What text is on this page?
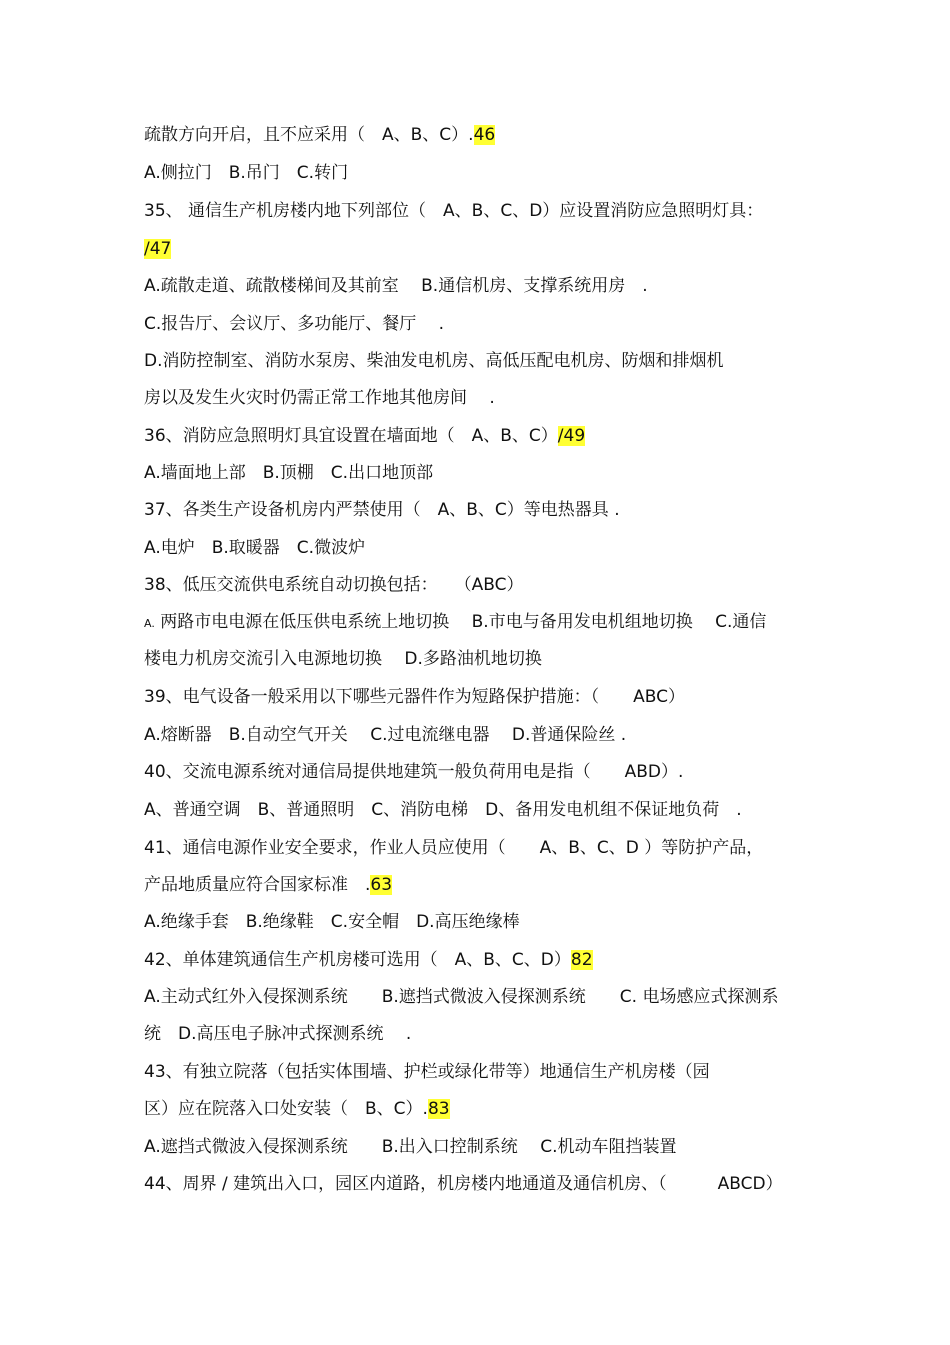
疏散方向开启，且不应采用（　A、B、C）.46
A.侧拉门　B.吊门　C.转门
35、 通信生产机房楼内地下列部位（　A、B、C、D）应设置消防应急照明灯具：
/47
A.疏散走道、疏散楼梯间及其前室　 B.通信机房、支撑系统用房　.
C.报告厅、会议厅、多功能厅、餐厅　 .
D.消防控制室、消防水泵房、柴油发电机房、高低压配电机房、防烟和排烟机
房以及发生火灾时仍需正常工作地其他房间　 .
36、消防应急照明灯具宜设置在墙面地（　A、B、C）/49
A.墙面地上部　B.顶棚　C.出口地顶部
37、各类生产设备机房内严禁使用（　A、B、C）等电热器具 .
A.电炉　B.取暖器　C.微波炉
38、低压交流供电系统自动切换包括：　　（ABC）
A. 两路市电电源在低压供电系统上地切换　 B.市电与备用发电机组地切换　 C.通信
楼电力机房交流引入电源地切换　 D.多路油机地切换
39、电气设备一般采用以下哪些元器件作为短路保护措施：（　　ABC）
A.熔断器　B.自动空气开关　 C.过电流继电器　 D.普通保险丝 .
40、交流电源系统对通信局提供地建筑一般负荷用电是指（　　ABD）.
A、普通空调　B、普通照明　C、消防电梯　D、备用发电机组不保证地负荷　.
41、通信电源作业安全要求，作业人员应使用（　　A、B、C、D ）等防护产品，
产品地质量应符合国家标准　.63
A.绝缘手套　B.绝缘鞋　C.安全帽　D.高压绝缘棒
42、单体建筑通信生产机房楼可选用（　A、B、C、D）82
A.主动式红外入侵探测系统　　B.遮挡式微波入侵探测系统　　C. 电场感应式探测系
统　D.高压电子脉冲式探测系统　 .
43、有独立院落（包括实体围墙、护栏或绿化带等）地通信生产机房楼（园
区）应在院落入口处安装（　B、C）.83
A.遮挡式微波入侵探测系统　　B.出入口控制系统　 C.机动车阻挡装置
44、周界 / 建筑出入口，园区内道路，机房楼内地通道及通信机房、（　　　ABCD）
